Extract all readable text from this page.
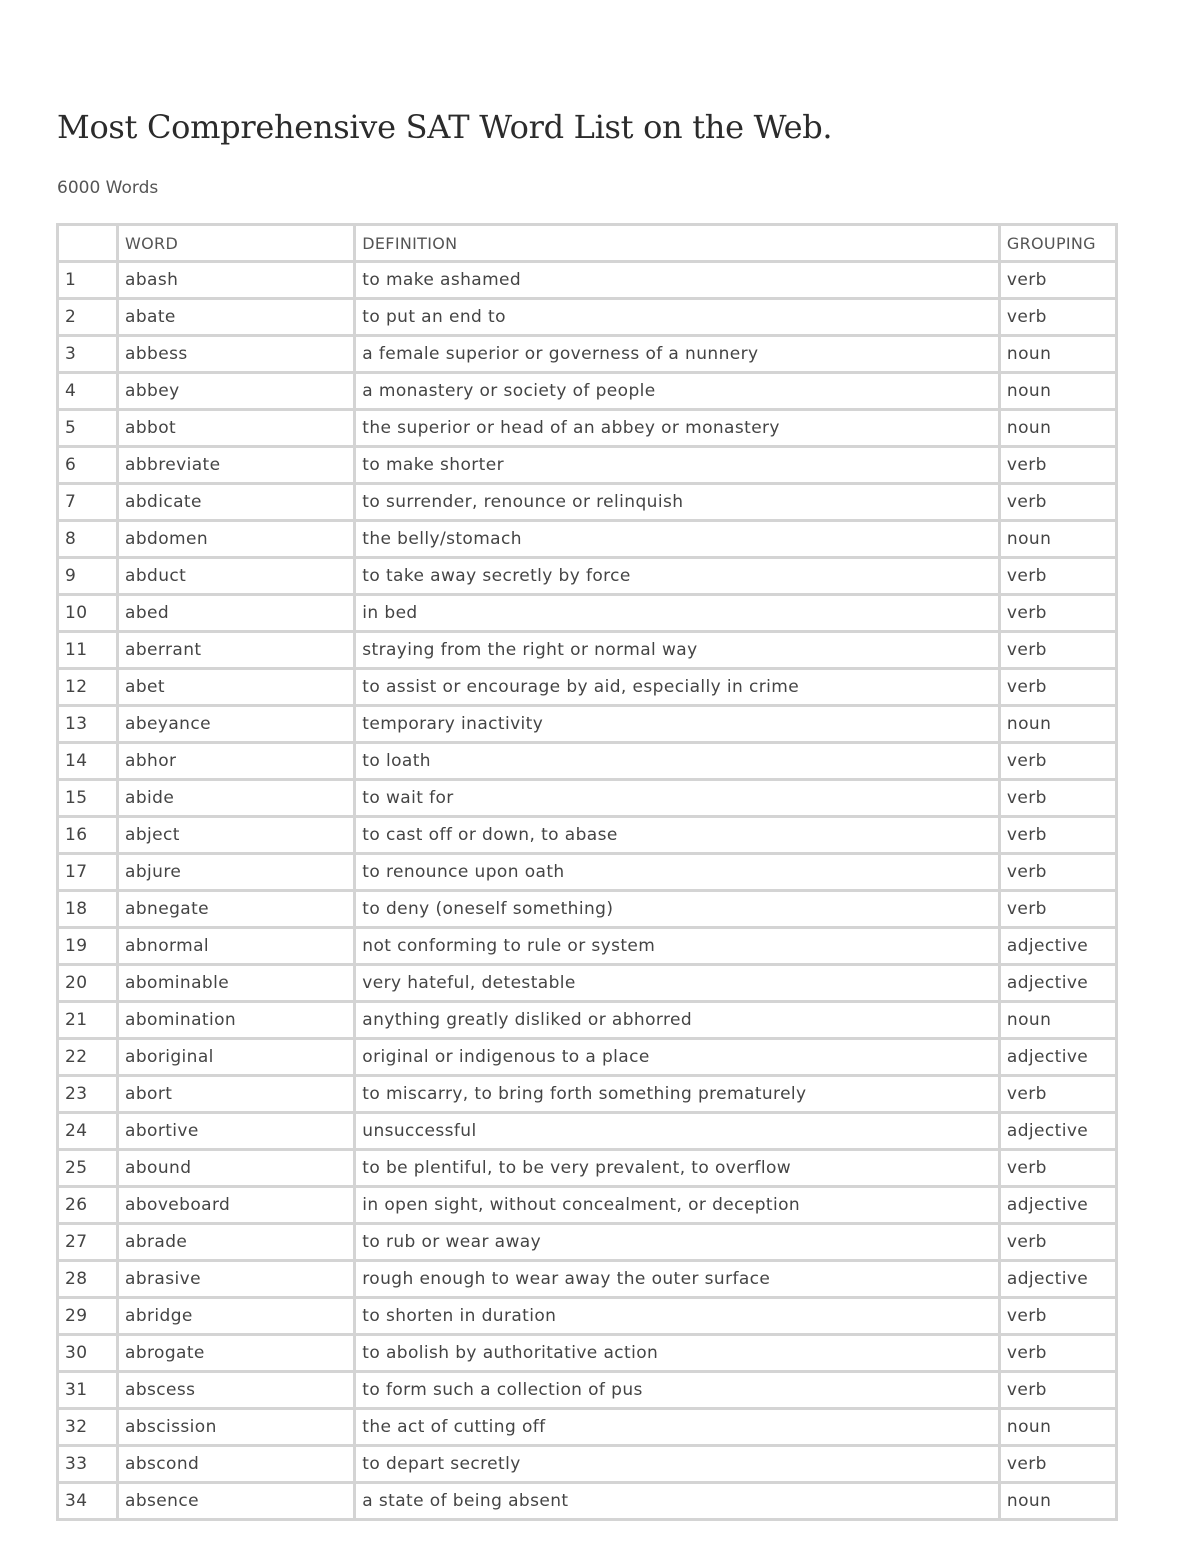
Most Comprehensive SAT Word List on the Web.
6000 Words
	WORD	DEFINITION	GROUPING
1	abash	to make ashamed	verb
2	abate	to put an end to	verb
3	abbess	a female superior or governess of a nunnery	noun
4	abbey	a monastery or society of people	noun
5	abbot	the superior or head of an abbey or monastery	noun
6	abbreviate	to make shorter	verb
7	abdicate	to surrender, renounce or relinquish	verb
8	abdomen	the belly/stomach	noun
9	abduct	to take away secretly by force	verb
10	abed	in bed	verb
11	aberrant	straying from the right or normal way	verb
12	abet	to assist or encourage by aid, especially in crime	verb
13	abeyance	temporary inactivity	noun
14	abhor	to loath	verb
15	abide	to wait for	verb
16	abject	to cast off or down, to abase	verb
17	abjure	to renounce upon oath	verb
18	abnegate	to deny (oneself something)	verb
19	abnormal	not conforming to rule or system	adjective
20	abominable	very hateful, detestable	adjective
21	abomination	anything greatly disliked or abhorred	noun
22	aboriginal	original or indigenous to a place	adjective
23	abort	to miscarry, to bring forth something prematurely	verb
24	abortive	unsuccessful	adjective
25	abound	to be plentiful, to be very prevalent, to overflow	verb
26	aboveboard	in open sight, without concealment, or deception	adjective
27	abrade	to rub or wear away	verb
28	abrasive	rough enough to wear away the outer surface	adjective
29	abridge	to shorten in duration	verb
30	abrogate	to abolish by authoritative action	verb
31	abscess	to form such a collection of pus	verb
32	abscission	the act of cutting off	noun
33	abscond	to depart secretly	verb
34	absence	a state of being absent	noun
